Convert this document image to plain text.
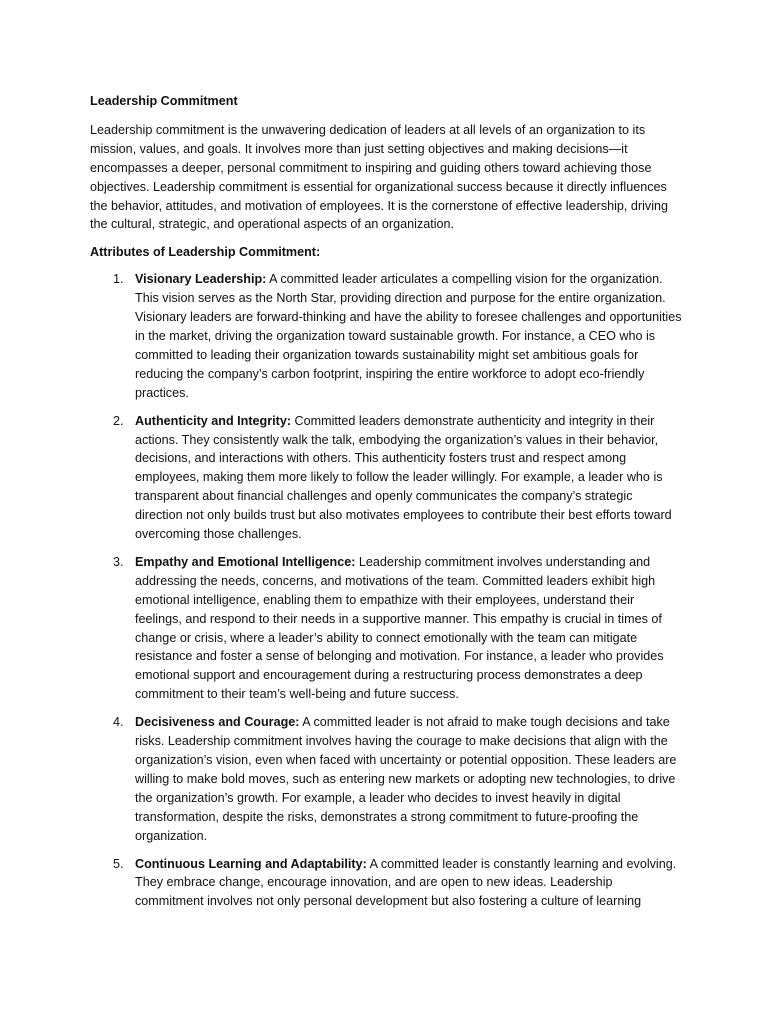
Leadership Commitment

Leadership commitment is the unwavering dedication of leaders at all levels of an organization to its mission, values, and goals. It involves more than just setting objectives and making decisions—it encompasses a deeper, personal commitment to inspiring and guiding others toward achieving those objectives. Leadership commitment is essential for organizational success because it directly influences the behavior, attitudes, and motivation of employees. It is the cornerstone of effective leadership, driving the cultural, strategic, and operational aspects of an organization.

Attributes of Leadership Commitment:
1. Visionary Leadership: A committed leader articulates a compelling vision for the organization. This vision serves as the North Star, providing direction and purpose for the entire organization. Visionary leaders are forward-thinking and have the ability to foresee challenges and opportunities in the market, driving the organization toward sustainable growth. For instance, a CEO who is committed to leading their organization towards sustainability might set ambitious goals for reducing the company’s carbon footprint, inspiring the entire workforce to adopt eco-friendly practices.
2. Authenticity and Integrity: Committed leaders demonstrate authenticity and integrity in their actions. They consistently walk the talk, embodying the organization’s values in their behavior, decisions, and interactions with others. This authenticity fosters trust and respect among employees, making them more likely to follow the leader willingly. For example, a leader who is transparent about financial challenges and openly communicates the company’s strategic direction not only builds trust but also motivates employees to contribute their best efforts toward overcoming those challenges.
3. Empathy and Emotional Intelligence: Leadership commitment involves understanding and addressing the needs, concerns, and motivations of the team. Committed leaders exhibit high emotional intelligence, enabling them to empathize with their employees, understand their feelings, and respond to their needs in a supportive manner. This empathy is crucial in times of change or crisis, where a leader’s ability to connect emotionally with the team can mitigate resistance and foster a sense of belonging and motivation. For instance, a leader who provides emotional support and encouragement during a restructuring process demonstrates a deep commitment to their team’s well-being and future success.
4. Decisiveness and Courage: A committed leader is not afraid to make tough decisions and take risks. Leadership commitment involves having the courage to make decisions that align with the organization’s vision, even when faced with uncertainty or potential opposition. These leaders are willing to make bold moves, such as entering new markets or adopting new technologies, to drive the organization’s growth. For example, a leader who decides to invest heavily in digital transformation, despite the risks, demonstrates a strong commitment to future-proofing the organization.
5. Continuous Learning and Adaptability: A committed leader is constantly learning and evolving. They embrace change, encourage innovation, and are open to new ideas. Leadership commitment involves not only personal development but also fostering a culture of learning
